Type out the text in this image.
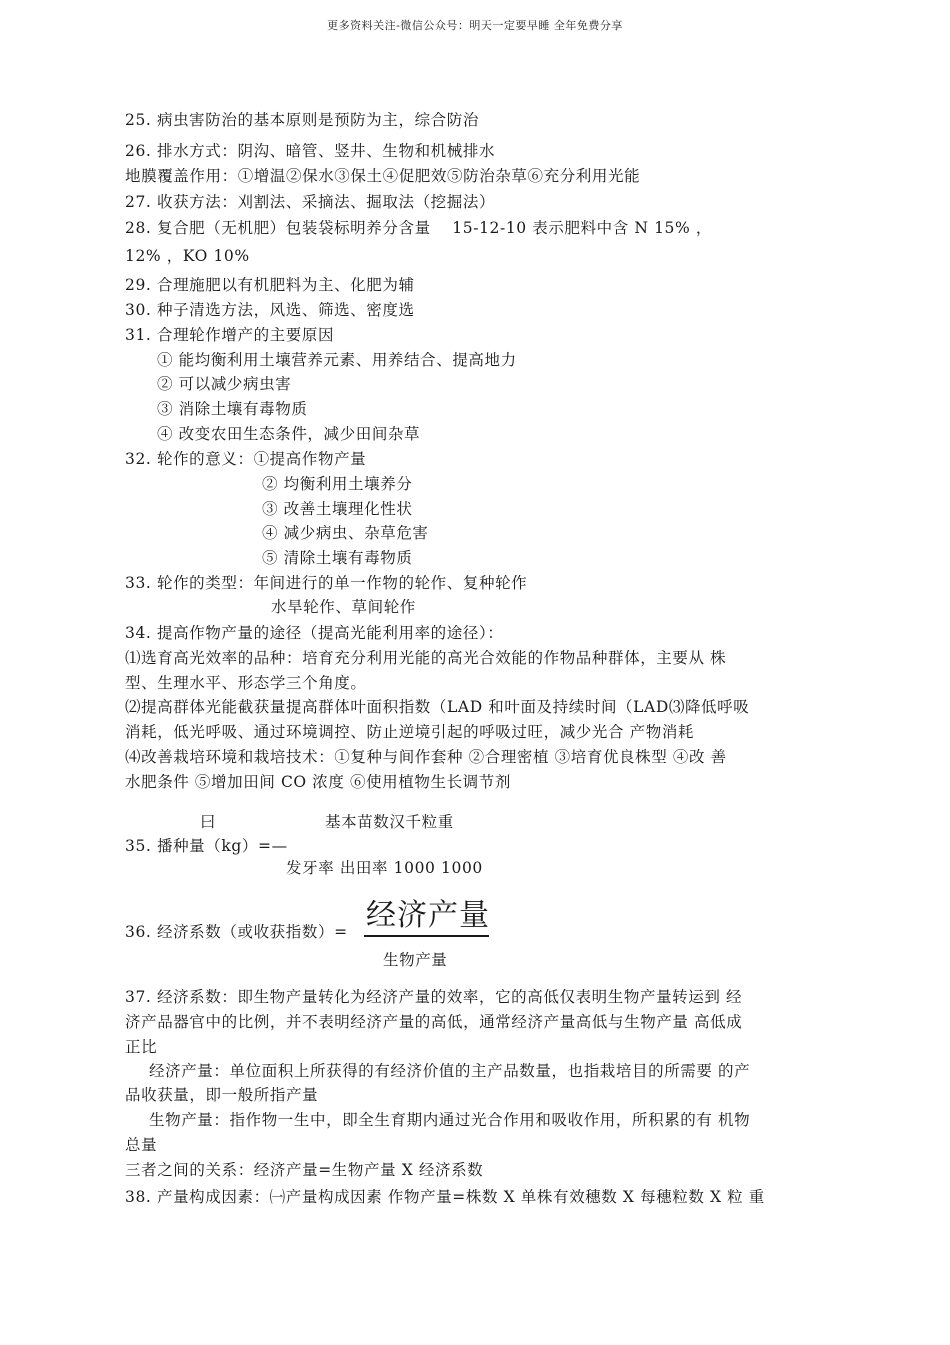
更多资料关注-微信公众号：明天一定要早睡 全年免费分享
25. 病虫害防治的基本原则是预防为主，综合防治
26. 排水方式：阴沟、暗管、竖井、生物和机械排水
地膜覆盖作用：①增温②保水③保土④促肥效⑤防治杂草⑥充分利用光能
27. 收获方法：刈割法、采摘法、掘取法（挖掘法）
28. 复合肥（无机肥）包装袋标明养分含量　 15-12-10 表示肥料中含 N 15% ，
12% ，KO 10%
29. 合理施肥以有机肥料为主、化肥为辅
30. 种子清选方法，风选、筛选、密度选
31. 合理轮作增产的主要原因
① 能均衡利用土壤营养元素、用养结合、提高地力
② 可以减少病虫害
③ 消除土壤有毒物质
④ 改变农田生态条件，减少田间杂草
32. 轮作的意义：①提高作物产量
② 均衡利用土壤养分
③ 改善土壤理化性状
④ 减少病虫、杂草危害
⑤ 清除土壤有毒物质
33. 轮作的类型：年间进行的单一作物的轮作、复种轮作
水旱轮作、草间轮作
34. 提高作物产量的途径（提高光能利用率的途径）：
⑴选育高光效率的品种：培育充分利用光能的高光合效能的作物品种群体，主要从 株
型、生理水平、形态学三个角度。
⑵提高群体光能截获量提高群体叶面积指数（LAD 和叶面及持续时间（LAD⑶降低呼吸
消耗，低光呼吸、通过环境调控、防止逆境引起的呼吸过旺，减少光合 产物消耗
⑷改善栽培环境和栽培技术：①复种与间作套种 ②合理密植 ③培育优良株型 ④改 善
水肥条件 ⑤增加田间 CO 浓度 ⑥使用植物生长调节剂
曰	基本苗数汉千粒重
35. 播种量（kg）=—
发牙率 出田率 1000 1000
36. 经济系数（或收获指数）= 经济产量
生物产量
37. 经济系数：即生物产量转化为经济产量的效率，它的高低仅表明生物产量转运到 经
济产品器官中的比例，并不表明经济产量的高低，通常经济产量高低与生物产量 高低成
正比
经济产量：单位面积上所获得的有经济价值的主产品数量，也指栽培目的所需要 的产
品收获量，即一般所指产量
生物产量：指作物一生中，即全生育期内通过光合作用和吸收作用，所积累的有 机物
总量
三者之间的关系：经济产量=生物产量 X 经济系数
38. 产量构成因素：㈠产量构成因素 作物产量=株数 X 单株有效穗数 X 每穗粒数 X 粒 重
